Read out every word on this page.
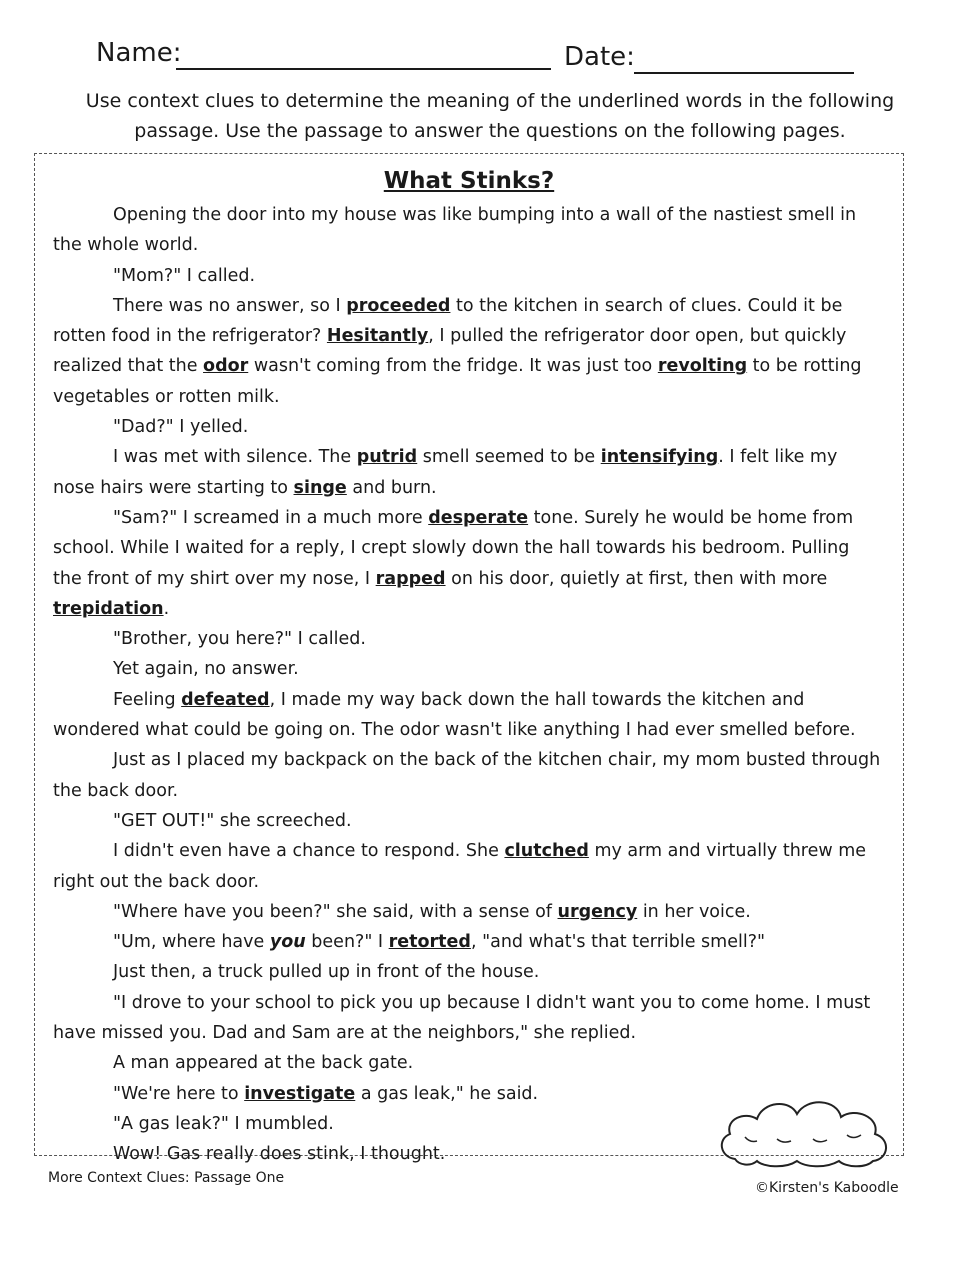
Name:	Date:
Use context clues to determine the meaning of the underlined words in the following passage. Use the passage to answer the questions on the following pages.
What Stinks?

Opening the door into my house was like bumping into a wall of the nastiest smell in the whole world.

"Mom?" I called.

There was no answer, so I proceeded to the kitchen in search of clues. Could it be rotten food in the refrigerator? Hesitantly, I pulled the refrigerator door open, but quickly realized that the odor wasn't coming from the fridge. It was just too revolting to be rotting vegetables or rotten milk.

"Dad?" I yelled.

I was met with silence. The putrid smell seemed to be intensifying. I felt like my nose hairs were starting to singe and burn.

"Sam?" I screamed in a much more desperate tone. Surely he would be home from school. While I waited for a reply, I crept slowly down the hall towards his bedroom. Pulling the front of my shirt over my nose, I rapped on his door, quietly at first, then with more trepidation.

"Brother, you here?" I called.

Yet again, no answer.

Feeling defeated, I made my way back down the hall towards the kitchen and wondered what could be going on. The odor wasn't like anything I had ever smelled before.

Just as I placed my backpack on the back of the kitchen chair, my mom busted through the back door.

"GET OUT!" she screeched.

I didn't even have a chance to respond. She clutched my arm and virtually threw me right out the back door.

"Where have you been?" she said, with a sense of urgency in her voice.

"Um, where have you been?" I retorted, "and what's that terrible smell?"

Just then, a truck pulled up in front of the house.

"I drove to your school to pick you up because I didn't want you to come home. I must have missed you. Dad and Sam are at the neighbors," she replied.

A man appeared at the back gate.

"We're here to investigate a gas leak," he said.

"A gas leak?" I mumbled.

Wow! Gas really does stink, I thought.

More Context Clues: Passage One
©Kirsten's Kaboodle
